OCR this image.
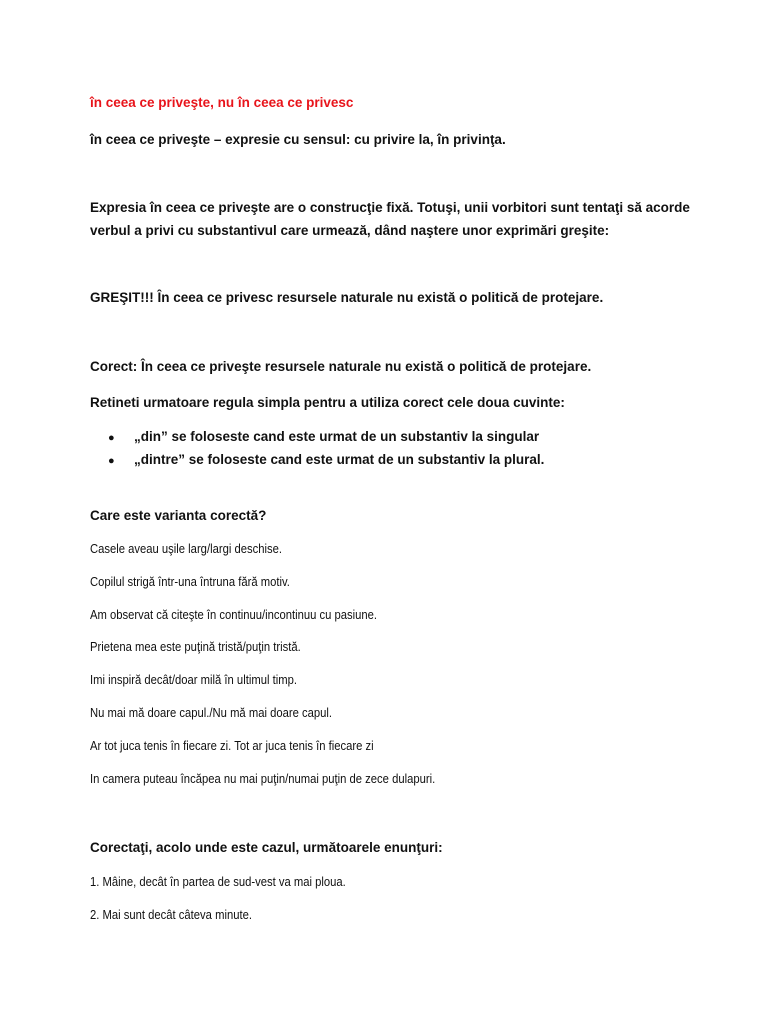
în ceea ce priveşte, nu în ceea ce privesc
în ceea ce priveşte – expresie cu sensul: cu privire la, în privinţa.
Expresia în ceea ce priveşte are o construcţie fixă. Totuşi, unii vorbitori sunt tentaţi să acorde verbul a privi cu substantivul care urmează, dând naştere unor exprimări greşite:
GREŞIT!!! În ceea ce privesc resursele naturale nu există o politică de protejare.
Corect: În ceea ce priveşte resursele naturale nu există o politică de protejare.
Retineti urmatoare regula simpla pentru a utiliza corect cele doua cuvinte:
● „din” se foloseste cand este urmat de un substantiv la singular
● „dintre” se foloseste cand este urmat de un substantiv la plural.
Care este varianta corectă?
Casele aveau uşile larg/largi deschise.
Copilul strigă într-una întruna fără motiv.
Am observat că citeşte în continuu/incontinuu cu pasiune.
Prietena mea este puţină tristă/puţin tristă.
Imi inspiră decât/doar milă în ultimul timp.
Nu mai mă doare capul./Nu mă mai doare capul.
Ar tot juca tenis în fiecare zi. Tot ar juca tenis în fiecare zi
In camera puteau încăpea nu mai puţin/numai puţin de zece dulapuri.
Corectaţi, acolo unde este cazul, următoarele enunţuri:
1. Mâine, decât în partea de sud-vest va mai ploua.
2. Mai sunt decât câteva minute.
